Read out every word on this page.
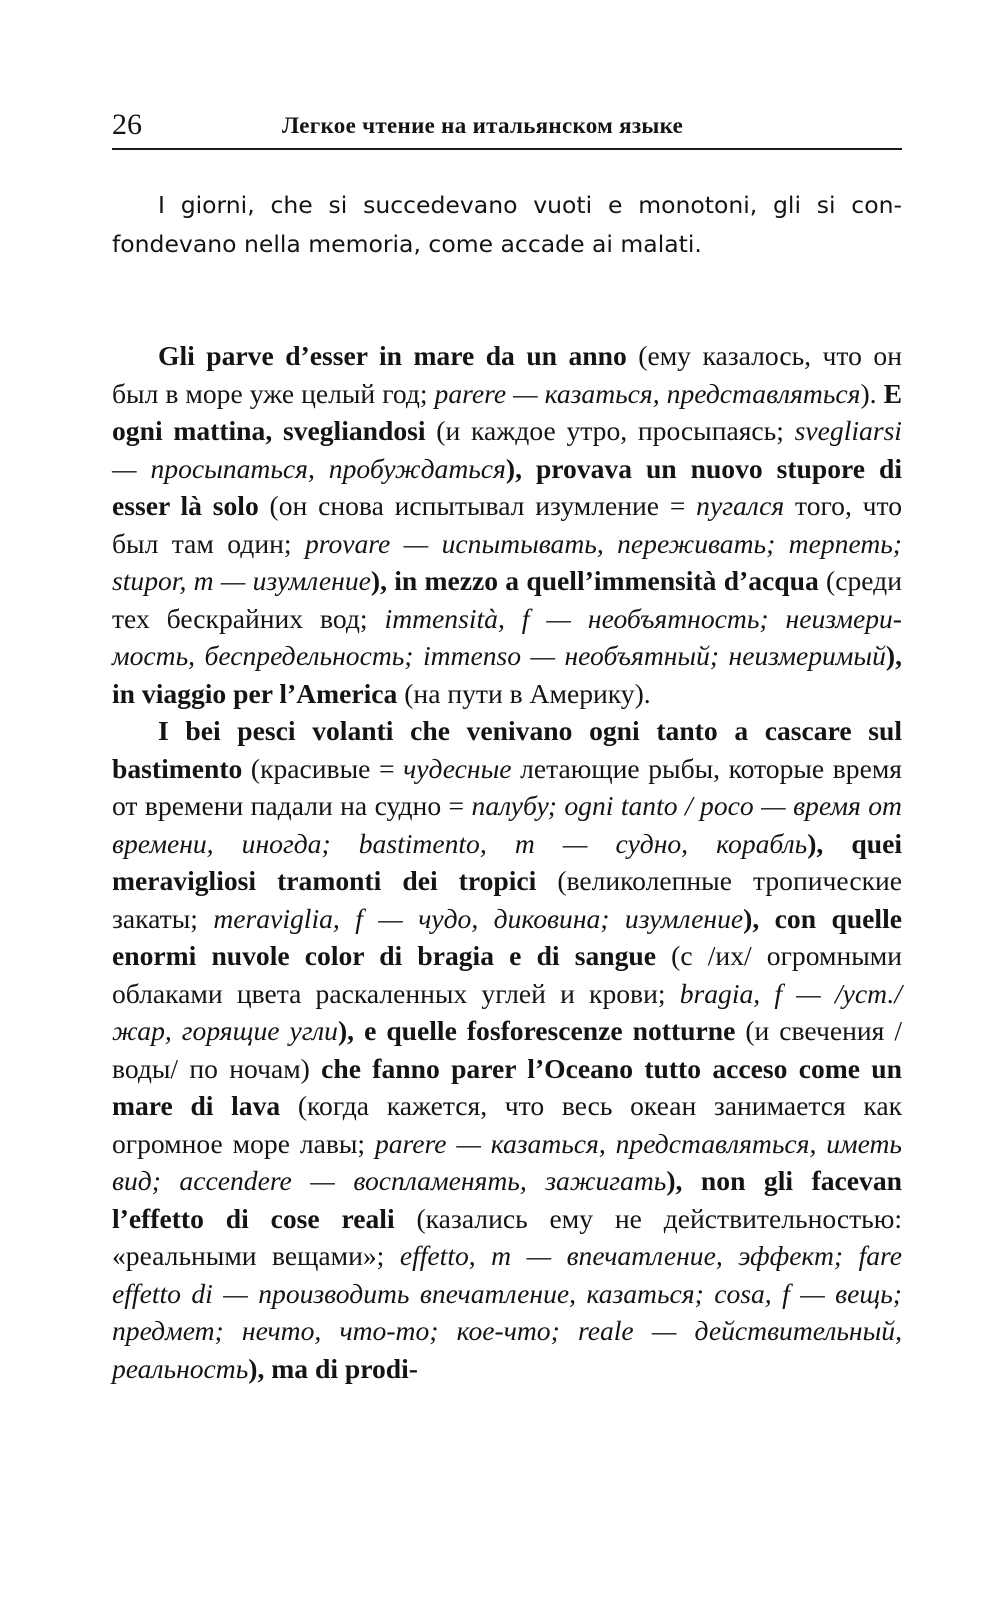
26	Легкое чтение на итальянском языке

I giorni, che si succedevano vuoti e monotoni, gli si confondevano nella memoria, come accade ai malati.

Gli parve d’esser in mare da un anno (ему казалось, что он был в море уже целый год; parere — казаться, представляться). E ogni mattina, svegliandosi (и каждое утро, просыпаясь; svegliarsi — просыпаться, пробуждаться), provava un nuovo stupore di esser là solo (он снова испытывал изумление = пугался того, что был там один; provare — испытывать, переживать; терпеть; stupor, m — изумление), in mezzo a quell’immensità d’acqua (среди тех бескрайних вод; immensità, f — необъятность; неизмеримость, беспредельность; immenso — необъятный; неизмеримый), in viaggio per l’America (на пути в Америку).

I bei pesci volanti che venivano ogni tanto a cascare sul bastimento (красивые = чудесные летающие рыбы, которые время от времени падали на судно = палубу; ogni tanto / poco — время от времени, иногда; bastimento, m — судно, корабль), quei meravigliosi tramonti dei tropici (великолепные тропические закаты; meraviglia, f — чудо, диковина; изумление), con quelle enormi nuvole color di bragia e di sangue (с /их/ огромными облаками цвета раскаленных углей и крови; bragia, f — /уст./ жар, горящие угли), e quelle fosforescenze notturne (и свечения /воды/ по ночам) che fanno parer l’Oceano tutto acceso come un mare di lava (когда кажется, что весь океан занимается как огромное море лавы; parere — казаться, представляться, иметь вид; accendere — воспламенять, зажигать), non gli facevan l’effetto di cose reali (казались ему не действительностью: «реальными вещами»; effetto, m — впечатление, эффект; fare effetto di — производить впечатление, казаться; cosa, f — вещь; предмет; нечто, что-то; кое-что; reale — действительный, реальность), ma di prodi-
